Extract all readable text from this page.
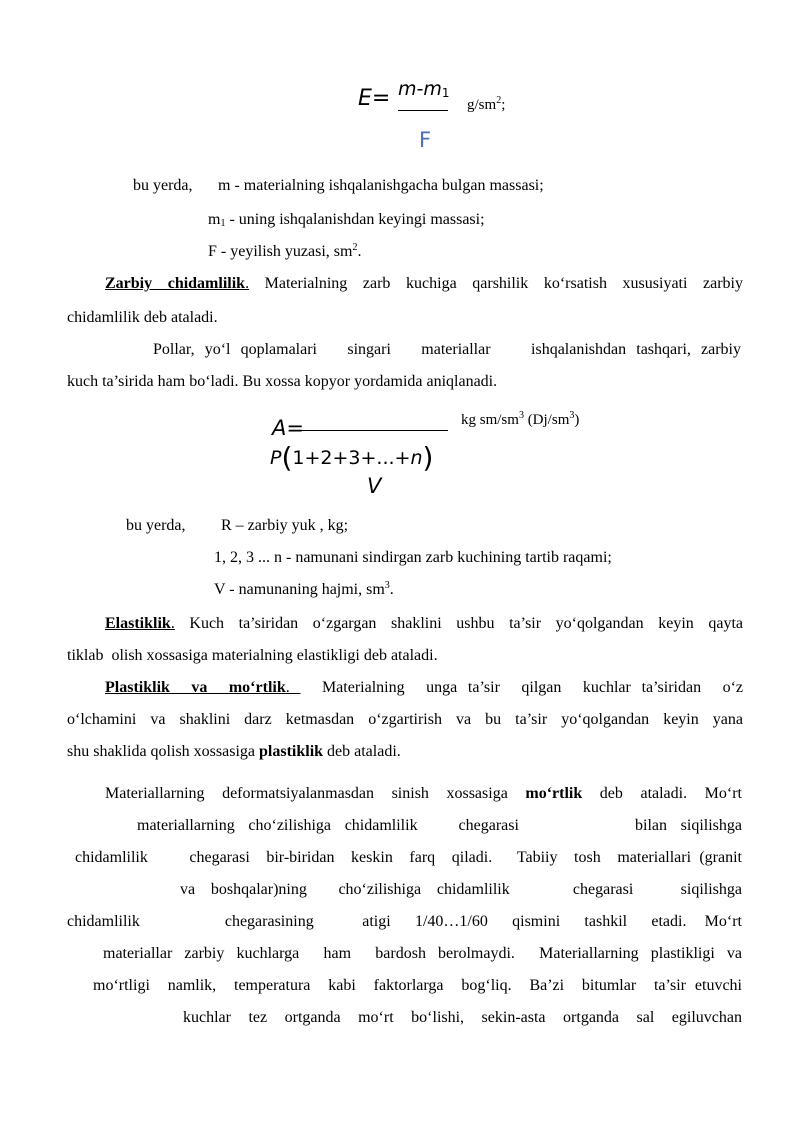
$E= m-m_1$
$g/sm^2$;
F
bu yerda, m - materialning ishqalanishgacha bulgan massasi;
$m_1$ - uning ishqalanishdan keyingi massasi;
F - yeyilish yuzasi, $sm^2$.
Zarbiy chidamlilik. Materialning zarb kuchiga qarshilik ko‘rsatish xususiyati zarbiy
chidamlilik deb ataladi.
Pollar, yo‘l qoplamalari   singari   materiallar    ishqalanishdan tashqari, zarbiy
kuch ta’sirida ham bo‘ladi. Bu xossa kopyor yordamida aniqlanadi.
A=
P(1+2+3+...+n)
V
kg $sm/sm^3$ $(Dj/sm^3)$
bu yerda, R – zarbiy yuk , kg;
1, 2, 3 ... n - namunani sindirgan zarb kuchining tartib raqami;
V - namunaning hajmi, $sm^3$.
Elastiklik. Kuch ta’siridan o‘zgargan shaklini ushbu ta’sir yo‘qolgandan keyin qayta
tiklab  olish xossasiga materialning elastikligi deb ataladi.
Plastiklik  va  mo‘rtlik.   Materialning  unga ta’sir  qilgan  kuchlar ta’siridan  o‘z
o‘lchamini va shaklini darz ketmasdan o‘zgartirish va bu ta’sir yo‘qolgandan keyin yana
shu shaklida qolish xossasiga plastiklik deb ataladi.
Materiallarning deformatsiyalanmasdan sinish xossasiga mo‘rtlik deb ataladi. Mo‘rt
materiallarning  cho‘zilishiga  chidamlilik      chegarasi                 bilan  siqilishga
chidamlilik     chegarasi  bir-biridan  keskin  farq  qiladi.   Tabiiy  tosh  materiallari (granit
va  boshqalar)ning    cho‘zilishiga  chidamlilik        chegarasi      siqilishga
chidamlilik              chegarasining        atigi    1/40…1/60    qismini    tashkil    etadi.   Mo‘rt
materiallar zarbiy kuchlarga  ham  bardosh berolmaydi.  Materiallarning plastikligi va
mo‘rtligi  namlik,  temperatura  kabi  faktorlarga  bog‘liq.  Ba’zi  bitumlar  ta’sir etuvchi
kuchlar  tez  ortganda  mo‘rt  bo‘lishi,  sekin-asta  ortganda  sal  egiluvchan
